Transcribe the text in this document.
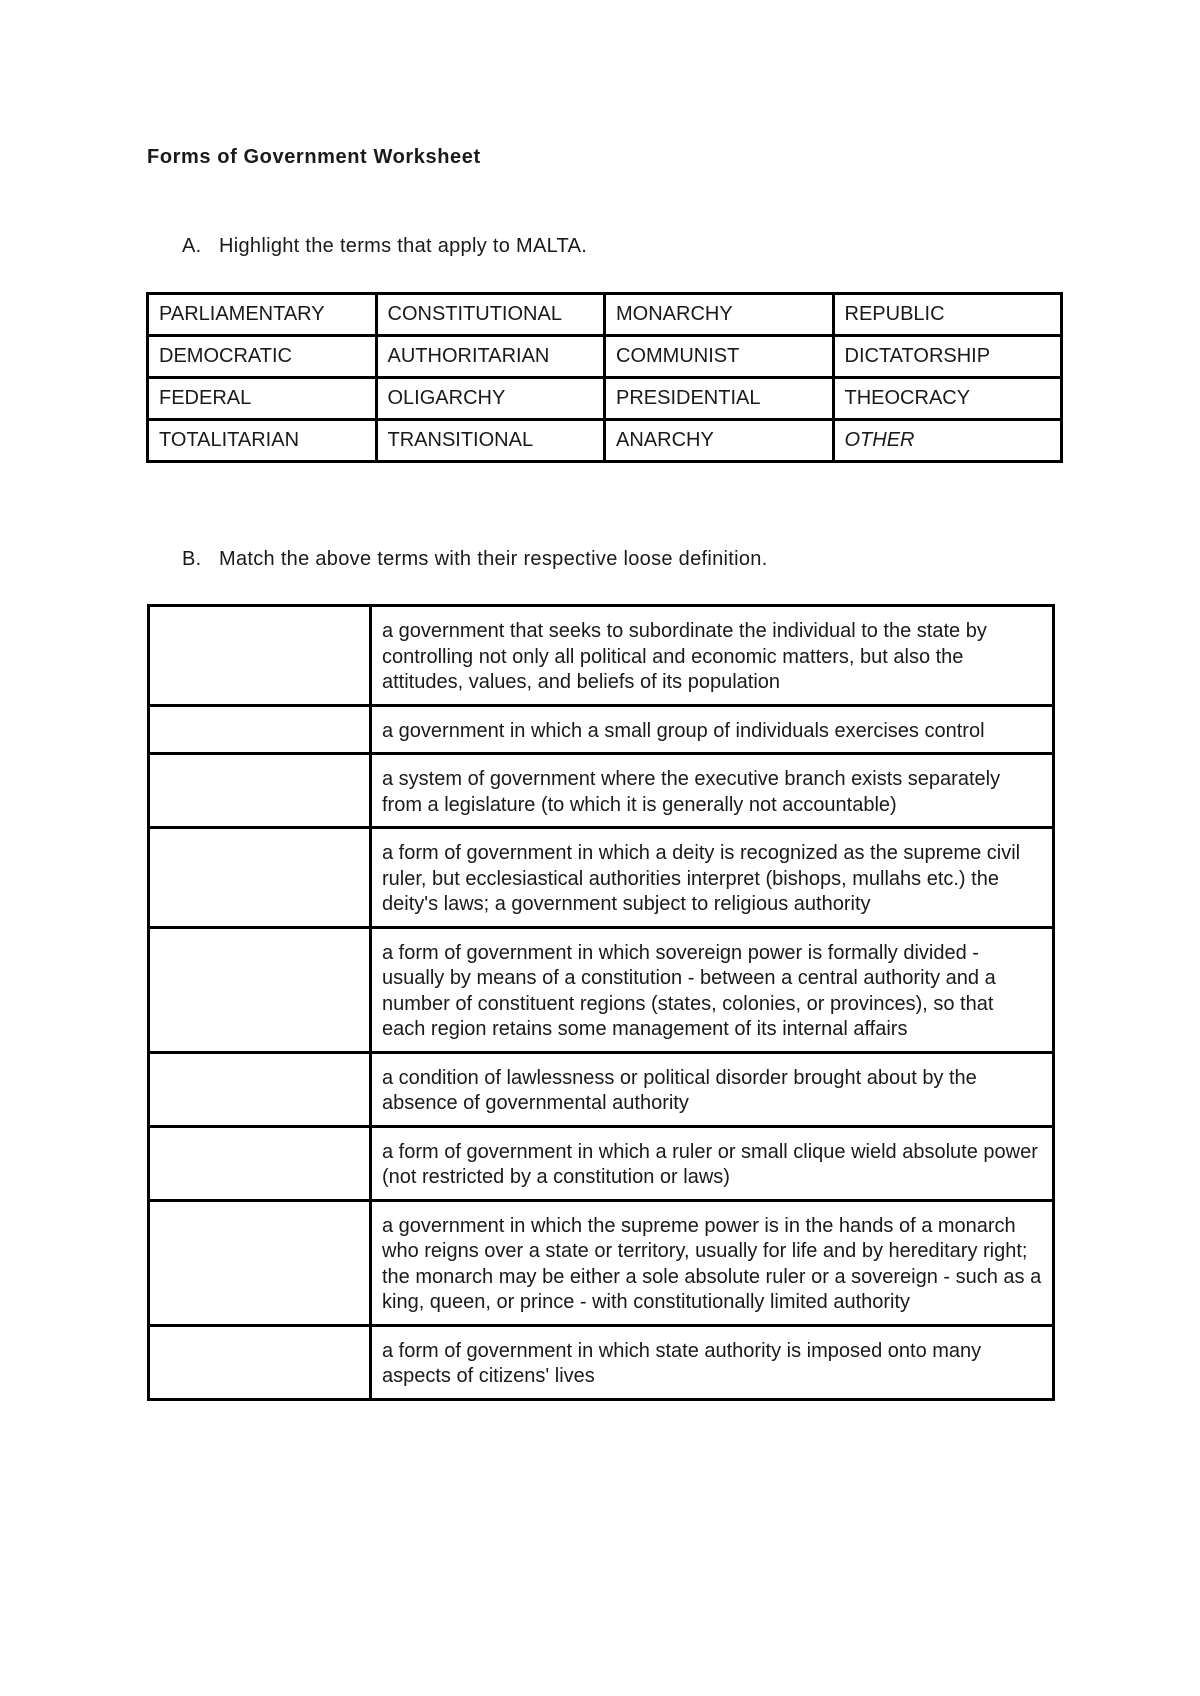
Forms of Government Worksheet

A. Highlight the terms that apply to MALTA.

PARLIAMENTARY	CONSTITUTIONAL	MONARCHY	REPUBLIC
DEMOCRATIC	AUTHORITARIAN	COMMUNIST	DICTATORSHIP
FEDERAL	OLIGARCHY	PRESIDENTIAL	THEOCRACY
TOTALITARIAN	TRANSITIONAL	ANARCHY	OTHER

B. Match the above terms with their respective loose definition.

	a government that seeks to subordinate the individual to the state by controlling not only all political and economic matters, but also the attitudes, values, and beliefs of its population
	a government in which a small group of individuals exercises control
	a system of government where the executive branch exists separately from a legislature (to which it is generally not accountable)
	a form of government in which a deity is recognized as the supreme civil ruler, but ecclesiastical authorities interpret (bishops, mullahs etc.) the deity's laws; a government subject to religious authority
	a form of government in which sovereign power is formally divided - usually by means of a constitution - between a central authority and a number of constituent regions (states, colonies, or provinces), so that each region retains some management of its internal affairs
	a condition of lawlessness or political disorder brought about by the absence of governmental authority
	a form of government in which a ruler or small clique wield absolute power (not restricted by a constitution or laws)
	a government in which the supreme power is in the hands of a monarch who reigns over a state or territory, usually for life and by hereditary right; the monarch may be either a sole absolute ruler or a sovereign - such as a king, queen, or prince - with constitutionally limited authority
	a form of government in which state authority is imposed onto many aspects of citizens' lives
